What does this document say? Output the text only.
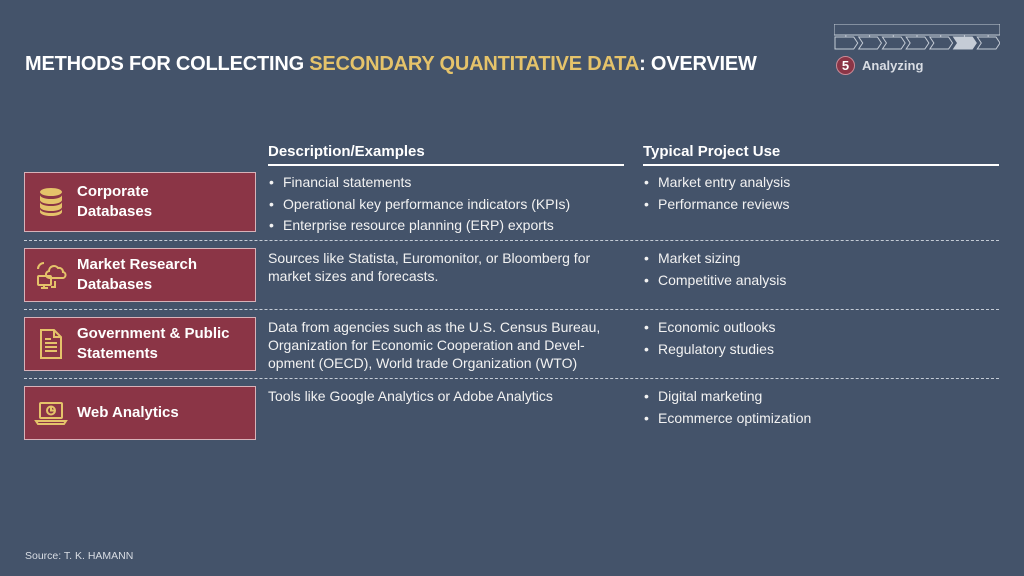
METHODS FOR COLLECTING SECONDARY QUANTITATIVE DATA: OVERVIEW	5 Analyzing
Description/Examples	Typical Project Use
Corporate Databases
• Financial statements
• Operational key performance indicators (KPIs)
• Enterprise resource planning (ERP) exports
• Market entry analysis
• Performance reviews
Market Research Databases
Sources like Statista, Euromonitor, or Bloomberg for market sizes and forecasts.
• Market sizing
• Competitive analysis
Government & Public Statements
Data from agencies such as the U.S. Census Bureau, Organization for Economic Cooperation and Devel-opment (OECD), World trade Organization (WTO)
• Economic outlooks
• Regulatory studies
Web Analytics
Tools like Google Analytics or Adobe Analytics
•	Digital marketing
• Ecommerce optimization
Source: T. K. HAMANN
